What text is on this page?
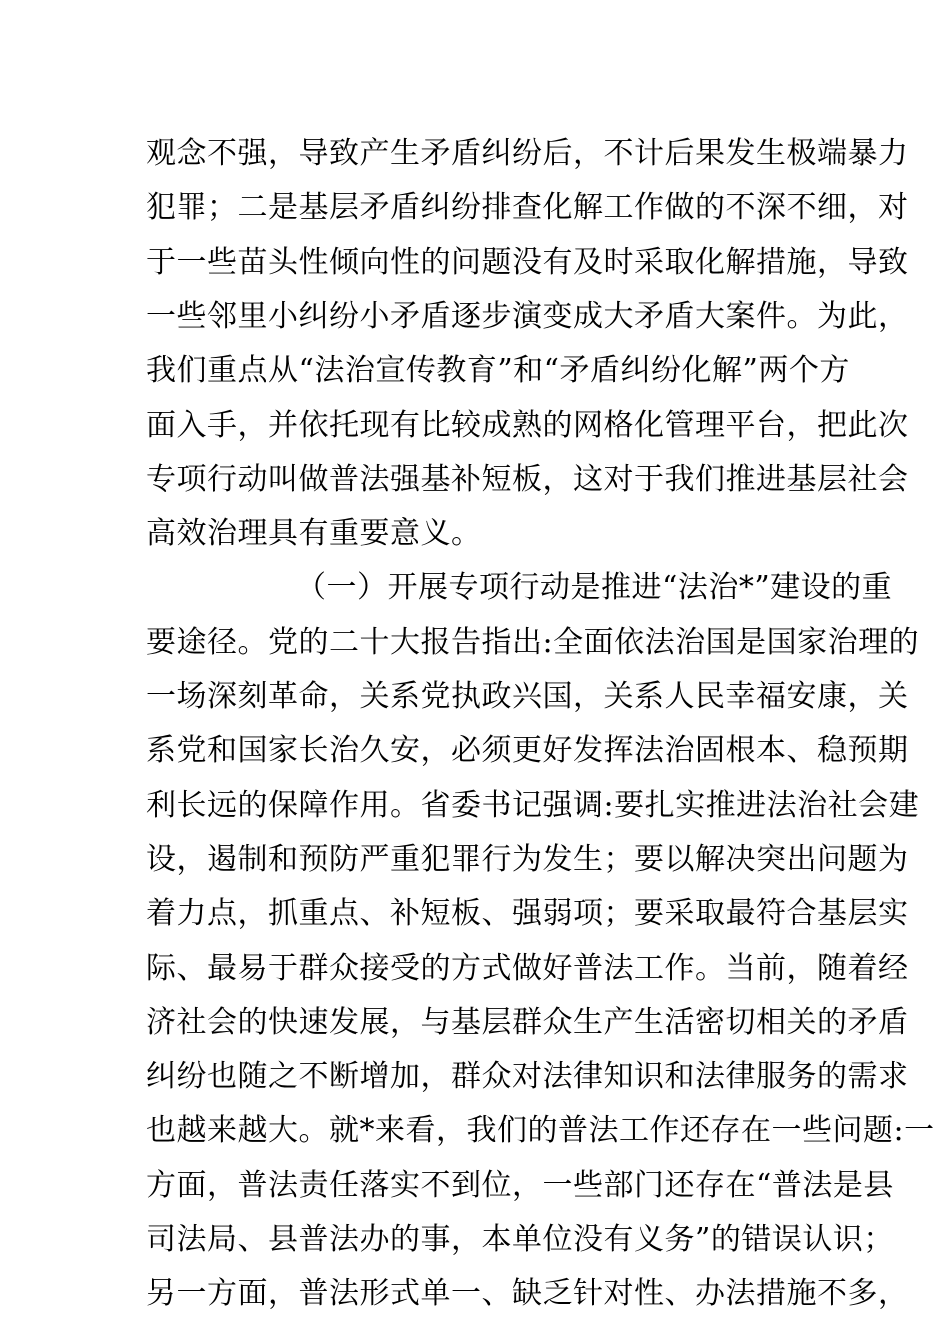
观念不强，导致产生矛盾纠纷后，不计后果发生极端暴力
犯罪；二是基层矛盾纠纷排查化解工作做的不深不细，对
于一些苗头性倾向性的问题没有及时采取化解措施，导致
一些邻里小纠纷小矛盾逐步演变成大矛盾大案件。为此，
我们重点从“法治宣传教育”和“矛盾纠纷化解”两个方
面入手，并依托现有比较成熟的网格化管理平台，把此次
专项行动叫做普法强基补短板，这对于我们推进基层社会
高效治理具有重要意义。
（一）开展专项行动是推进“法治*”建设的重
要途径。党的二十大报告指出:全面依法治国是国家治理的
一场深刻革命，关系党执政兴国，关系人民幸福安康，关
系党和国家长治久安，必须更好发挥法治固根本、稳预期
利长远的保障作用。省委书记强调:要扎实推进法治社会建
设，遏制和预防严重犯罪行为发生；要以解决突出问题为
着力点，抓重点、补短板、强弱项；要采取最符合基层实
际、最易于群众接受的方式做好普法工作。当前，随着经
济社会的快速发展，与基层群众生产生活密切相关的矛盾
纠纷也随之不断增加，群众对法律知识和法律服务的需求
也越来越大。就*来看，我们的普法工作还存在一些问题:一
方面，普法责任落实不到位，一些部门还存在“普法是县
司法局、县普法办的事，本单位没有义务”的错误认识；
另一方面，普法形式单一、缺乏针对性、办法措施不多，
